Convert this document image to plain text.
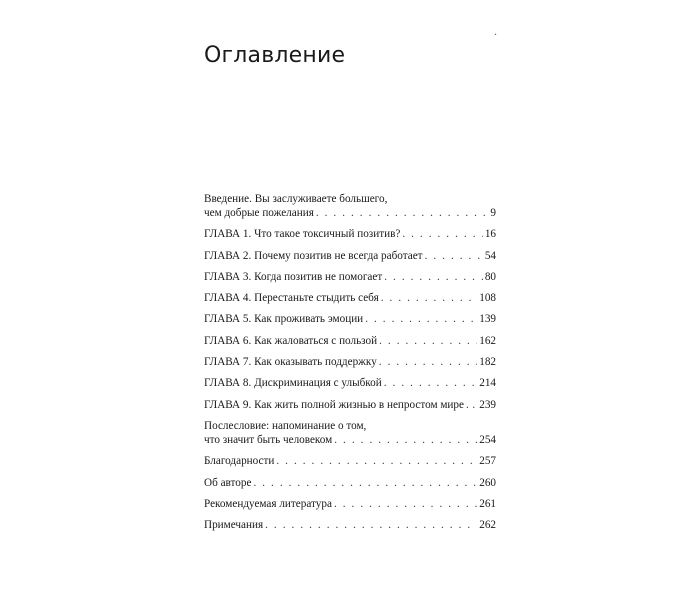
.
Оглавление
Введение. Вы заслуживаете большего,
чем добрые пожелания . . .	9
ГЛАВА 1. Что такое токсичный позитив? . . .	16
ГЛАВА 2. Почему позитив не всегда работает . . .	54
ГЛАВА 3. Когда позитив не помогает . . .	80
ГЛАВА 4. Перестаньте стыдить себя . . .	108
ГЛАВА 5. Как проживать эмоции . . .	139
ГЛАВА 6. Как жаловаться с пользой . . .	162
ГЛАВА 7. Как оказывать поддержку . . .	182
ГЛАВА 8. Дискриминация с улыбкой . . .	214
ГЛАВА 9. Как жить полной жизнью в непростом мире . . . 239
Послесловие: напоминание о том,
что значит быть человеком . . .	254
Благодарности . . .	257
Об авторе . . .	260
Рекомендуемая литература . . .	261
Примечания . . .	262
